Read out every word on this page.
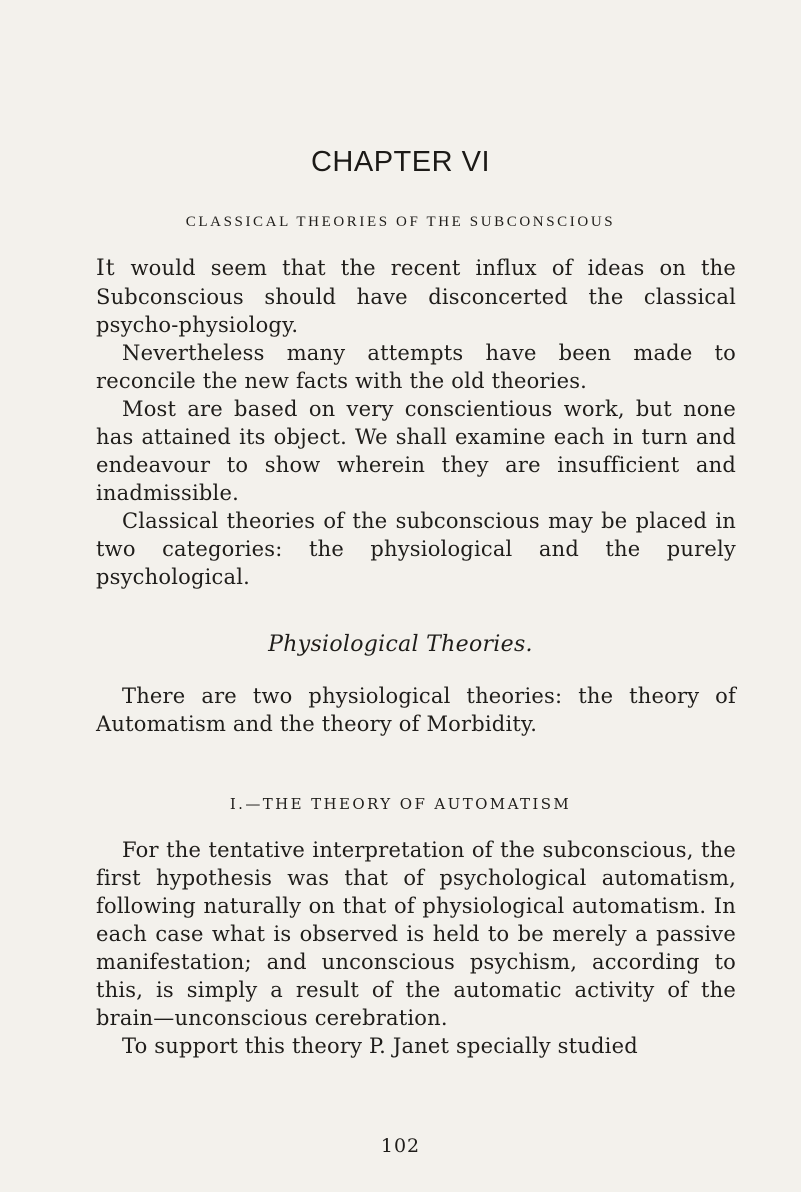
CHAPTER VI
CLASSICAL THEORIES OF THE SUBCONSCIOUS

It would seem that the recent influx of ideas on the Subconscious should have disconcerted the classical psycho-physiology.

Nevertheless many attempts have been made to reconcile the new facts with the old theories.

Most are based on very conscientious work, but none has attained its object. We shall examine each in turn and endeavour to show wherein they are insufficient and inadmissible.

Classical theories of the subconscious may be placed in two categories: the physiological and the purely psychological.

Physiological Theories.

There are two physiological theories: the theory of Automatism and the theory of Morbidity.

I.—THE THEORY OF AUTOMATISM

For the tentative interpretation of the subconscious, the first hypothesis was that of psychological automatism, following naturally on that of physiological automatism. In each case what is observed is held to be merely a passive manifestation; and unconscious psychism, according to this, is simply a result of the automatic activity of the brain—unconscious cerebration.

To support this theory P. Janet specially studied

102
